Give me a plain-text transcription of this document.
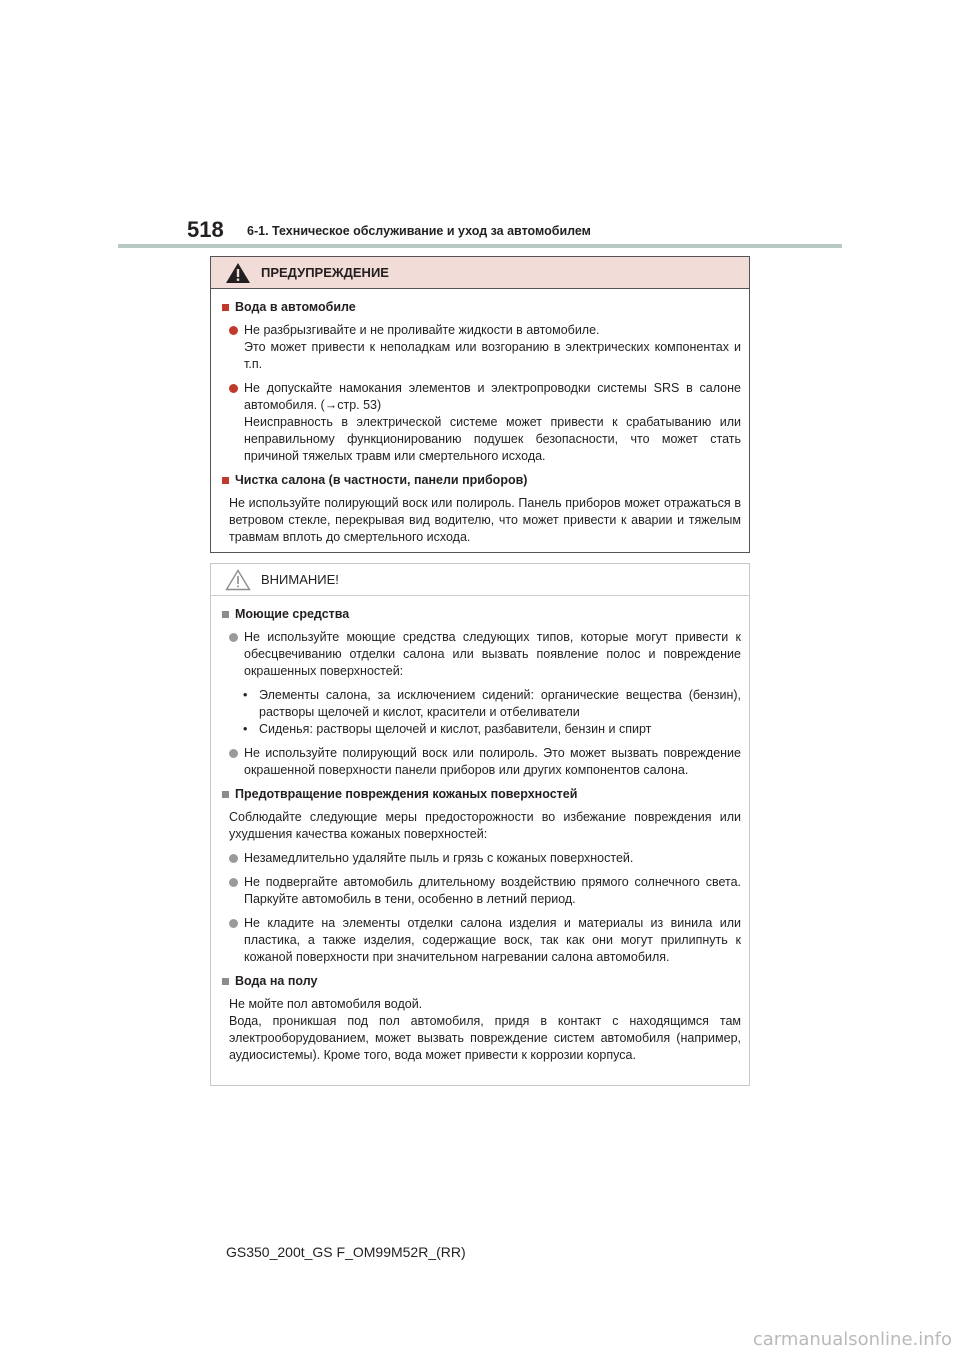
518 6-1. Техническое обслуживание и уход за автомобилем
ПРЕДУПРЕЖДЕНИЕ
Вода в автомобиле
Не разбрызгивайте и не проливайте жидкости в автомобиле.
Это может привести к неполадкам или возгоранию в электрических компонентах и т.п.
Не допускайте намокания элементов и электропроводки системы SRS в салоне автомобиля. (→стр. 53)
Неисправность в электрической системе может привести к срабатыванию или неправильному функционированию подушек безопасности, что может стать причиной тяжелых травм или смертельного исхода.
Чистка салона (в частности, панели приборов)
Не используйте полирующий воск или полироль. Панель приборов может отражаться в ветровом стекле, перекрывая вид водителю, что может привести к аварии и тяжелым травмам вплоть до смертельного исхода.
ВНИМАНИЕ!
Моющие средства
Не используйте моющие средства следующих типов, которые могут привести к обесцвечиванию отделки салона или вызвать появление полос и повреждение окрашенных поверхностей:
• Элементы салона, за исключением сидений: органические вещества (бензин), растворы щелочей и кислот, красители и отбеливатели
• Сиденья: растворы щелочей и кислот, разбавители, бензин и спирт
Не используйте полирующий воск или полироль. Это может вызвать повреждение окрашенной поверхности панели приборов или других компонентов салона.
Предотвращение повреждения кожаных поверхностей
Соблюдайте следующие меры предосторожности во избежание повреждения или ухудшения качества кожаных поверхностей:
Незамедлительно удаляйте пыль и грязь с кожаных поверхностей.
Не подвергайте автомобиль длительному воздействию прямого солнечного света. Паркуйте автомобиль в тени, особенно в летний период.
Не кладите на элементы отделки салона изделия и материалы из винила или пластика, а также изделия, содержащие воск, так как они могут прилипнуть к кожаной поверхности при значительном нагревании салона автомобиля.
Вода на полу
Не мойте пол автомобиля водой.
Вода, проникшая под пол автомобиля, придя в контакт с находящимся там электрооборудованием, может вызвать повреждение систем автомобиля (например, аудиосистемы). Кроме того, вода может привести к коррозии корпуса.
GS350_200t_GS F_OM99M52R_(RR)
carmanualsonline.info
